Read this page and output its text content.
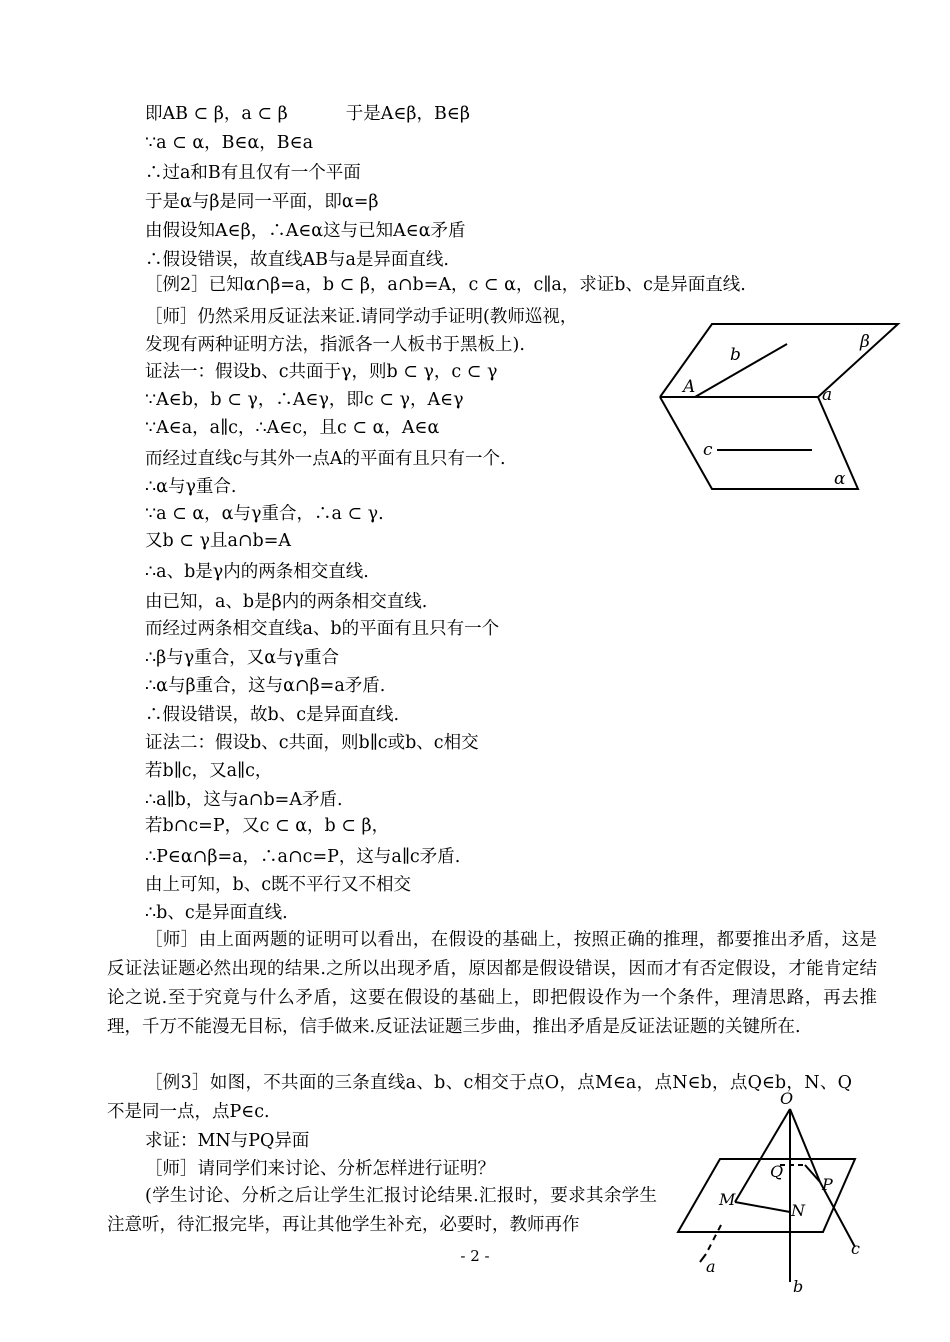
即AB ⊂ β，a ⊂ β 　　　于是A∈β，B∈β
∵a ⊂ α，B∈α，B∈a
∴过a和B有且仅有一个平面
于是α与β是同一平面，即α=β
由假设知A∈β，∴A∈α这与已知A∈α矛盾
∴假设错误，故直线AB与a是异面直线.
［例2］已知α∩β=a，b ⊂ β，a∩b=A，c ⊂ α，c∥a，求证b、c是异面直线.
［师］仍然采用反证法来证.请同学动手证明(教师巡视，
发现有两种证明方法，指派各一人板书于黑板上).
证法一：假设b、c共面于γ，则b ⊂ γ，c ⊂ γ
∵A∈b，b ⊂ γ，∴A∈γ，即c ⊂ γ，A∈γ
∵A∈a，a∥c，∴A∈c，且c ⊂ α，A∈α
而经过直线c与其外一点A的平面有且只有一个.
∴α与γ重合.
∵a ⊂ α，α与γ重合，∴a ⊂ γ.
又b ⊂ γ且a∩b=A
∴a、b是γ内的两条相交直线.
由已知，a、b是β内的两条相交直线.
而经过两条相交直线a、b的平面有且只有一个
∴β与γ重合，又α与γ重合
∴α与β重合，这与α∩β=a矛盾.
∴假设错误，故b、c是异面直线.
证法二：假设b、c共面，则b∥c或b、c相交
若b∥c，又a∥c，
∴a∥b，这与a∩b=A矛盾.
若b∩c=P，又c ⊂ α，b ⊂ β，
∴P∈α∩β=a，∴a∩c=P，这与a∥c矛盾.
由上可知，b、c既不平行又不相交
∴b、c是异面直线.
［师］由上面两题的证明可以看出，在假设的基础上，按照正确的推理，都要推出矛盾，这是反证法证题必然出现的结果.之所以出现矛盾，原因都是假设错误，因而才有否定假设，才能肯定结论之说.至于究竟与什么矛盾，这要在假设的基础上，即把假设作为一个条件，理清思路，再去推理，千万不能漫无目标，信手做来.反证法证题三步曲，推出矛盾是反证法证题的关键所在.
［例3］如图，不共面的三条直线a、b、c相交于点O，点M∈a，点N∈b，点Q∈b，N、Q不是同一点，点P∈c.
求证：MN与PQ异面
［师］请同学们来讨论、分析怎样进行证明？
(学生讨论、分析之后让学生汇报讨论结果.汇报时，要求其余学生注意听，待汇报完毕，再让其他学生补充，必要时，教师再作
b
β
A	a
c
α
O
Q
P
M
N
c
a
b
- 2 -
